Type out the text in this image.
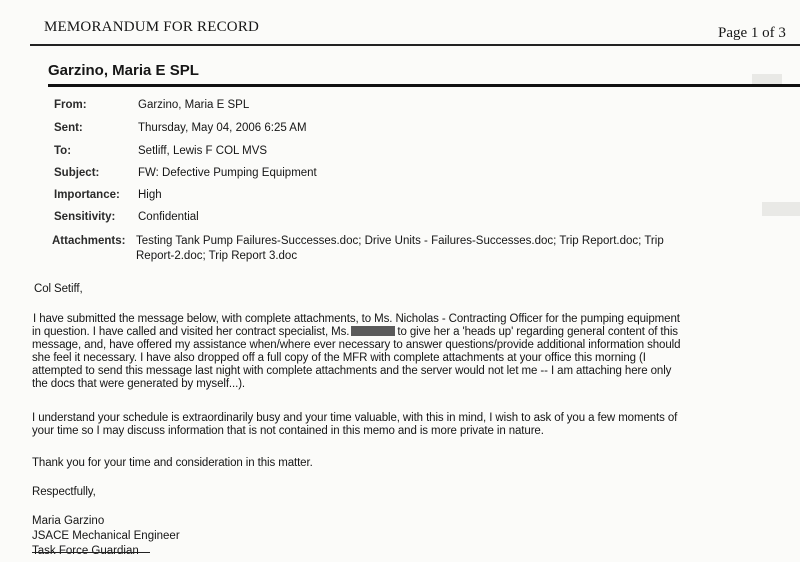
MEMORANDUM FOR RECORD	Page 1 of 3
Garzino, Maria E SPL
From:	Garzino, Maria E SPL
Sent:	Thursday, May 04, 2006 6:25 AM
To:	Setliff, Lewis F COL MVS
Subject:	FW: Defective Pumping Equipment
Importance: High
Sensitivity: Confidential
Attachments: Testing Tank Pump Failures-Successes.doc; Drive Units - Failures-Successes.doc; Trip Report.doc; Trip
Report-2.doc; Trip Report 3.doc
Col Setiff,
I have submitted the message below, with complete attachments, to Ms. Nicholas - Contracting Officer for the pumping equipment
in question. I have called and visited her contract specialist, Ms.	to give her a 'heads up' regarding general content of this
message, and, have offered my assistance when/where ever necessary to answer questions/provide additional information should
she feel it necessary. I have also dropped off a full copy of the MFR with complete attachments at your office this morning (I
attempted to send this message last night with complete attachments and the server would not let me -- I am attaching here only
the docs that were generated by myself...).
I understand your schedule is extraordinarily busy and your time valuable, with this in mind, I wish to ask of you a few moments of
your time so I may discuss information that is not contained in this memo and is more private in nature.
Thank you for your time and consideration in this matter.
Respectfully,
Maria Garzino
JSACE Mechanical Engineer
Task Force Guardian
